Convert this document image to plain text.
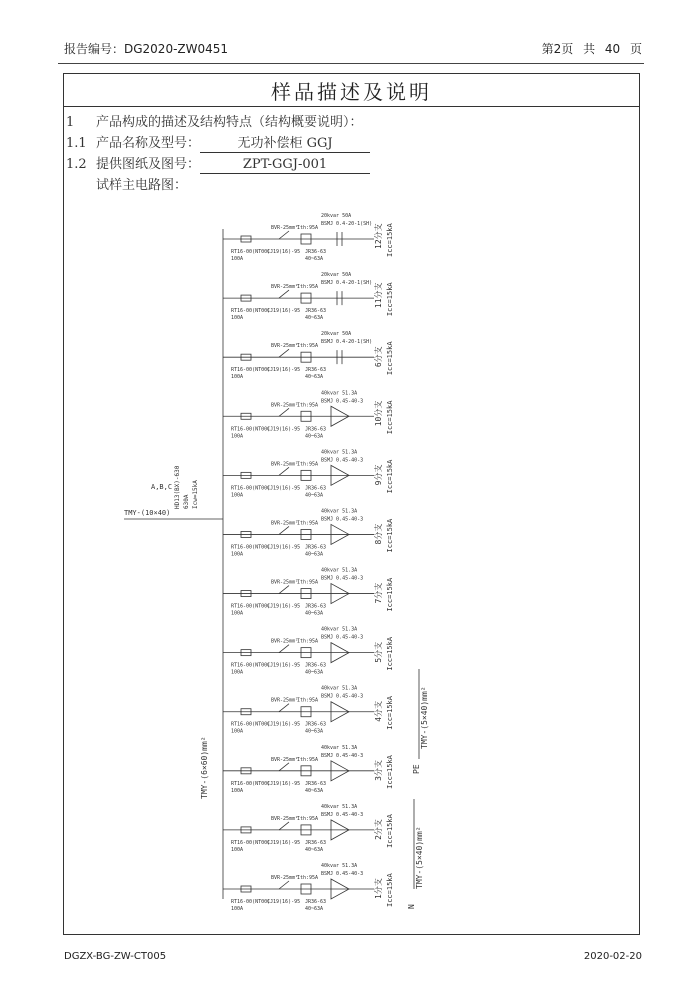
报告编号：DG2020-ZW0451	第2页 共 40 页
样品描述及说明
1 产品构成的描述及结构特点（结构概要说明）：
1.1 产品名称及型号：	无功补偿柜 GGJ
1.2 提供图纸及图号：	ZPT-GGJ-001
试样主电路图：
TMY-(6×60)mm²
TMY-(10×40)
A,B,C HD13(BX)-630 630A Icw=15kA
RT16-00(NT00)
100A
CJ19(16)-95
BVR-25mm²
Ith:95A
JR36-63
40~63A
BSMJ 0.4-20-1(SH)
20kvar 50A
12分支 Icc=15kA
RT16-00(NT00)
100A
CJ19(16)-95
BVR-25mm²
Ith:95A
JR36-63
40~63A
BSMJ 0.4-20-1(SH)
20kvar 50A
11分支 Icc=15kA
RT16-00(NT00)
100A
CJ19(16)-95
BVR-25mm²
Ith:95A
JR36-63
40~63A
BSMJ 0.4-20-1(SH)
20kvar 50A
6分支 Icc=15kA
RT16-00(NT00)
100A
CJ19(16)-95
BVR-25mm²
Ith:95A
JR36-63
40~63A
BSMJ 0.45-40-3
40kvar 51.3A
10分支 Icc=15kA
RT16-00(NT00)
100A
CJ19(16)-95
BVR-25mm²
Ith:95A
JR36-63
40~63A
BSMJ 0.45-40-3
40kvar 51.3A
9分支 Icc=15kA
RT16-00(NT00)
100A
CJ19(16)-95
BVR-25mm²
Ith:95A
JR36-63
40~63A
BSMJ 0.45-40-3
40kvar 51.3A
8分支 Icc=15kA
RT16-00(NT00)
100A
CJ19(16)-95
BVR-25mm²
Ith:95A
JR36-63
40~63A
BSMJ 0.45-40-3
40kvar 51.3A
7分支 Icc=15kA
RT16-00(NT00)
100A
CJ19(16)-95
BVR-25mm²
Ith:95A
JR36-63
40~63A
BSMJ 0.45-40-3
40kvar 51.3A
5分支 Icc=15kA
RT16-00(NT00)
100A
CJ19(16)-95
BVR-25mm²
Ith:95A
JR36-63
40~63A
BSMJ 0.45-40-3
40kvar 51.3A
4分支 Icc=15kA
RT16-00(NT00)
100A
CJ19(16)-95
BVR-25mm²
Ith:95A
JR36-63
40~63A
BSMJ 0.45-40-3
40kvar 51.3A
3分支 Icc=15kA
RT16-00(NT00)
100A
CJ19(16)-95
BVR-25mm²
Ith:95A
JR36-63
40~63A
BSMJ 0.45-40-3
40kvar 51.3A
2分支 Icc=15kA
RT16-00(NT00)
100A
CJ19(16)-95
BVR-25mm²
Ith:95A
JR36-63
40~63A
BSMJ 0.45-40-3
40kvar 51.3A
1分支 Icc=15kA
TMY-(5×40)mm²
PE
TMY-(5×40)mm²
N
DGZX-BG-ZW-CT005	2020-02-20
